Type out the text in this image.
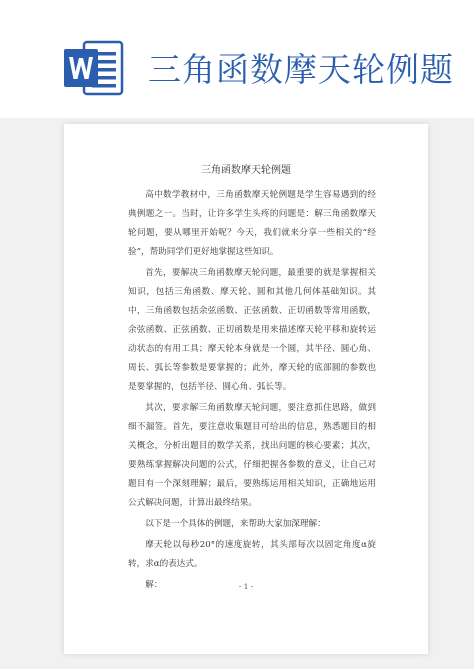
三角函数摩天轮例题
三角函数摩天轮例题

高中数学教材中，三角函数摩天轮例题是学生容易遇到的经典例题之一。当时，让许多学生头疼的问题是：解三角函数摩天轮问题，要从哪里开始呢？今天，我们就来分享一些相关的“经验”，帮助同学们更好地掌握这些知识。

首先，要解决三角函数摩天轮问题，最重要的就是掌握相关知识，包括三角函数、摩天轮、圆和其他几何体基础知识。其中，三角函数包括余弦函数、正弦函数、正切函数等常用函数，余弦函数、正弦函数、正切函数是用来描述摩天轮平移和旋转运动状态的有用工具；摩天轮本身就是一个圆，其半径、圆心角、周长、弧长等参数是要掌握的；此外，摩天轮的底部圆的参数也是要掌握的，包括半径、圆心角、弧长等。

其次，要求解三角函数摩天轮问题，要注意抓住思路，做到细不漏签。首先，要注意收集题目可给出的信息，熟悉题目的相关概念，分析出题目的数学关系，找出问题的核心要素；其次，要熟练掌握解决问题的公式，仔细把握各参数的意义，让自己对题目有一个深刻理解；最后，要熟练运用相关知识，正确地运用公式解决问题，计算出最终结果。

以下是一个具体的例题，来帮助大家加深理解：

摩天轮以每秒20°的速度旋转，其头部每次以固定角度α旋转，求α的表达式。

解：	- 1 -
